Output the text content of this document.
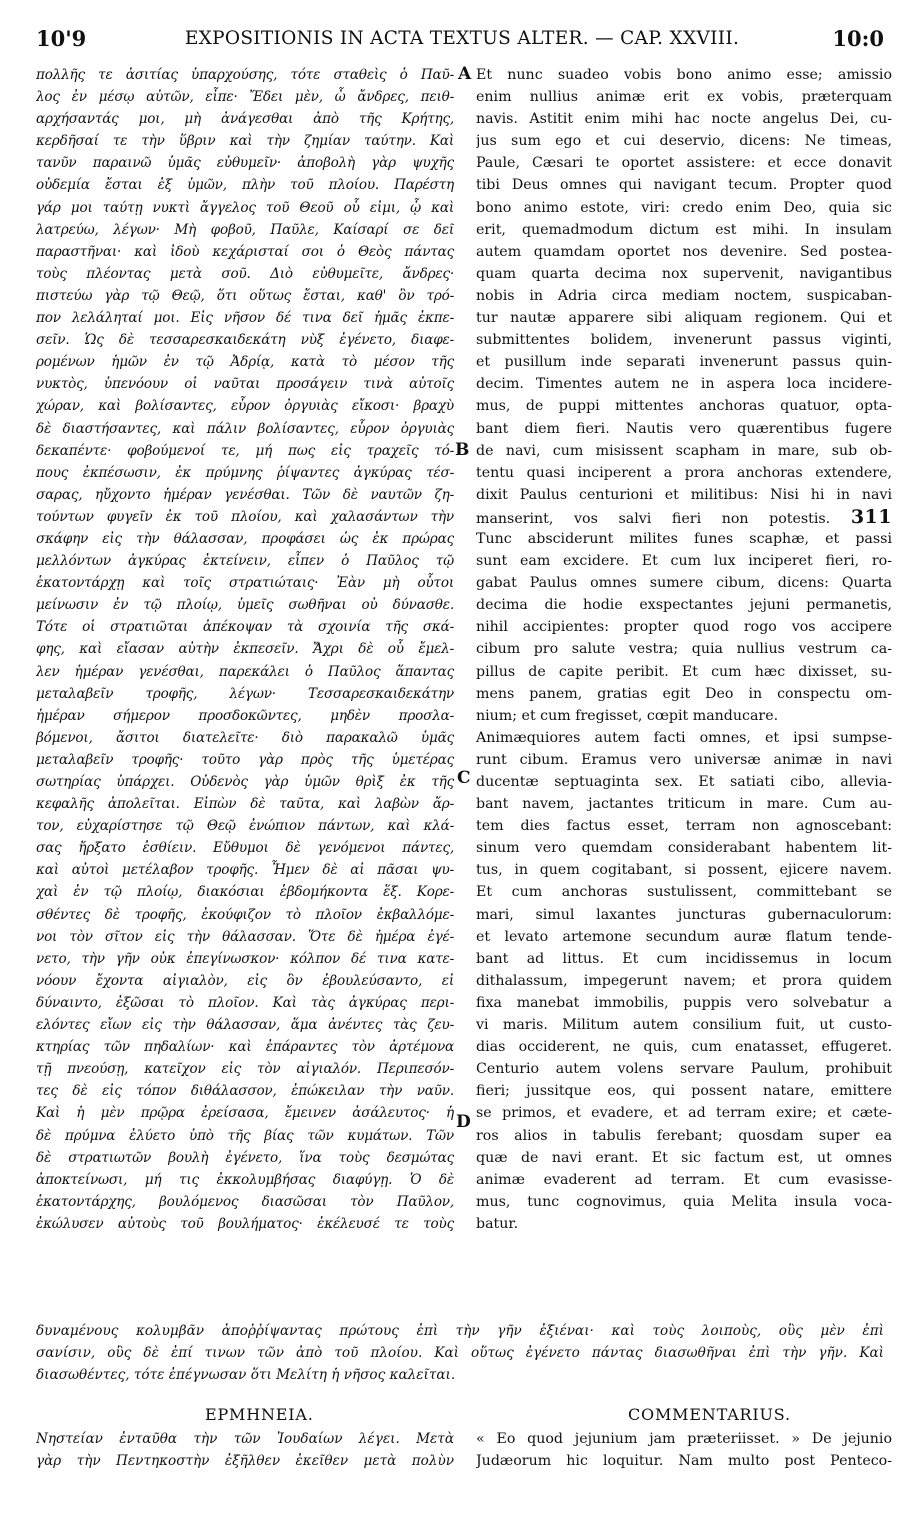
10'9	EXPOSITIONIS IN ACTA TEXTUS ALTER. — CAP. XXVIII.	10:0
πολλῆς τε ἀσιτίας ὑπαρχούσης, τότε σταθεὶς ὁ Παῦ-
λος ἐν μέσῳ αὐτῶν, εἶπε· Ἔδει μὲν, ὦ ἄνδρες, πειθ-
αρχήσαντάς μοι, μὴ ἀνάγεσθαι ἀπὸ τῆς Κρήτης,
κερδῆσαί τε τὴν ὕβριν καὶ τὴν ζημίαν ταύτην. Καὶ
τανῦν παραινῶ ὑμᾶς εὐθυμεῖν· ἀποβολὴ γὰρ ψυχῆς
οὐδεμία ἔσται ἐξ ὑμῶν, πλὴν τοῦ πλοίου. Παρέστη
γάρ μοι ταύτῃ νυκτὶ ἄγγελος τοῦ Θεοῦ οὗ εἰμι, ᾧ καὶ
λατρεύω, λέγων· Μὴ φοβοῦ, Παῦλε, Καίσαρί σε δεῖ
παραστῆναι· καὶ ἰδοὺ κεχάρισταί σοι ὁ Θεὸς πάντας
τοὺς πλέοντας μετὰ σοῦ. Διὸ εὐθυμεῖτε, ἄνδρες·
πιστεύω γὰρ τῷ Θεῷ, ὅτι οὕτως ἔσται, καθ' ὃν τρό-
πον λελάληταί μοι. Εἰς νῆσον δέ τινα δεῖ ἡμᾶς ἐκπε-
σεῖν. Ὡς δὲ τεσσαρεσκαιδεκάτη νὺξ ἐγένετο, διαφε-
ρομένων ἡμῶν ἐν τῷ Ἀδρίᾳ, κατὰ τὸ μέσον τῆς
νυκτὸς, ὑπενόουν οἱ ναῦται προσάγειν τινὰ αὐτοῖς
χώραν, καὶ βολίσαντες, εὗρον ὀργυιὰς εἴκοσι· βραχὺ
δὲ διαστήσαντες, καὶ πάλιν βολίσαντες, εὗρον ὀργυιὰς
δεκαπέντε· φοβούμενοί τε, μή πως εἰς τραχεῖς τό-
πους ἐκπέσωσιν, ἐκ πρύμνης ῥίψαντες ἀγκύρας τέσ-
σαρας, ηὔχοντο ἡμέραν γενέσθαι. Τῶν δὲ ναυτῶν ζη-
τούντων φυγεῖν ἐκ τοῦ πλοίου, καὶ χαλασάντων τὴν
σκάφην εἰς τὴν θάλασσαν, προφάσει ὡς ἐκ πρώρας
μελλόντων ἀγκύρας ἐκτείνειν, εἶπεν ὁ Παῦλος τῷ
ἑκατοντάρχῃ καὶ τοῖς στρατιώταις· Ἐὰν μὴ οὗτοι
μείνωσιν ἐν τῷ πλοίῳ, ὑμεῖς σωθῆναι οὐ δύνασθε.
Τότε οἱ στρατιῶται ἀπέκοψαν τὰ σχοινία τῆς σκά-
φης, καὶ εἴασαν αὐτὴν ἐκπεσεῖν. Ἄχρι δὲ οὗ ἔμελ-
λεν ἡμέραν γενέσθαι, παρεκάλει ὁ Παῦλος ἅπαντας
μεταλαβεῖν τροφῆς, λέγων· Τεσσαρεσκαιδεκάτην
ἡμέραν σήμερον προσδοκῶντες, μηδὲν προσλα-
βόμενοι, ἄσιτοι διατελεῖτε· διὸ παρακαλῶ ὑμᾶς
μεταλαβεῖν τροφῆς· τοῦτο γὰρ πρὸς τῆς ὑμετέρας
σωτηρίας ὑπάρχει. Οὐδενὸς γὰρ ὑμῶν θρὶξ ἐκ τῆς
κεφαλῆς ἀπολεῖται. Εἰπὼν δὲ ταῦτα, καὶ λαβὼν ἄρ-
τον, εὐχαρίστησε τῷ Θεῷ ἐνώπιον πάντων, καὶ κλά-
σας ἤρξατο ἐσθίειν. Εὔθυμοι δὲ γενόμενοι πάντες,
καὶ αὐτοὶ μετέλαβον τροφῆς. Ἦμεν δὲ αἱ πᾶσαι ψυ-
χαὶ ἐν τῷ πλοίῳ, διακόσιαι ἑβδομήκοντα ἕξ. Κορε-
σθέντες δὲ τροφῆς, ἐκούφιζον τὸ πλοῖον ἐκβαλλόμε-
νοι τὸν σῖτον εἰς τὴν θάλασσαν. Ὅτε δὲ ἡμέρα ἐγέ-
νετο, τὴν γῆν οὐκ ἐπεγίνωσκον· κόλπον δέ τινα κατε-
νόουν ἔχοντα αἰγιαλὸν, εἰς ὃν ἐβουλεύσαντο, εἰ
δύναιντο, ἐξῶσαι τὸ πλοῖον. Καὶ τὰς ἀγκύρας περι-
ελόντες εἴων εἰς τὴν θάλασσαν, ἅμα ἀνέντες τὰς ζευ-
κτηρίας τῶν πηδαλίων· καὶ ἐπάραντες τὸν ἀρτέμονα
τῇ πνεούσῃ, κατεῖχον εἰς τὸν αἰγιαλόν. Περιπεσόν-
τες δὲ εἰς τόπον διθάλασσον, ἐπώκειλαν τὴν ναῦν.
Καὶ ἡ μὲν πρῷρα ἐρείσασα, ἔμεινεν ἀσάλευτος· ἡ
δὲ πρύμνα ἐλύετο ὑπὸ τῆς βίας τῶν κυμάτων. Τῶν
δὲ στρατιωτῶν βουλὴ ἐγένετο, ἵνα τοὺς δεσμώτας
ἀποκτείνωσι, μή τις ἐκκολυμβήσας διαφύγῃ. Ὁ δὲ
ἑκατοντάρχης, βουλόμενος διασῶσαι τὸν Παῦλον,
ἐκώλυσεν αὐτοὺς τοῦ βουλήματος· ἐκέλευσέ τε τοὺς
Et nunc suadeo vobis bono animo esse; amissio
enim nullius animæ erit ex vobis, præterquam
navis. Astitit enim mihi hac nocte angelus Dei, cu-
jus sum ego et cui deservio, dicens: Ne timeas,
Paule, Cæsari te oportet assistere: et ecce donavit
tibi Deus omnes qui navigant tecum. Propter quod
bono animo estote, viri: credo enim Deo, quia sic
erit, quemadmodum dictum est mihi. In insulam
autem quamdam oportet nos devenire. Sed postea-
quam quarta decima nox supervenit, navigantibus
nobis in Adria circa mediam noctem, suspicaban-
tur nautæ apparere sibi aliquam regionem. Qui et
submittentes bolidem, invenerunt passus viginti,
et pusillum inde separati invenerunt passus quin-
decim. Timentes autem ne in aspera loca incidere-
mus, de puppi mittentes anchoras quatuor, opta-
bant diem fieri. Nautis vero quærentibus fugere
de navi, cum misissent scapham in mare, sub ob-
tentu quasi inciperent a prora anchoras extendere,
dixit Paulus centurioni et militibus: Nisi hi in navi
manserint, vos salvi fieri non potestis. 311
Tunc absciderunt milites funes scaphæ, et passi
sunt eam excidere. Et cum lux inciperet fieri, ro-
gabat Paulus omnes sumere cibum, dicens: Quarta
decima die hodie exspectantes jejuni permanetis,
nihil accipientes: propter quod rogo vos accipere
cibum pro salute vestra; quia nullius vestrum ca-
pillus de capite peribit. Et cum hæc dixisset, su-
mens panem, gratias egit Deo in conspectu om-
nium; et cum fregisset, cœpit manducare.
Animæquiores autem facti omnes, et ipsi sumpse-
runt cibum. Eramus vero universæ animæ in navi
ducentæ septuaginta sex. Et satiati cibo, allevia-
bant navem, jactantes triticum in mare. Cum au-
tem dies factus esset, terram non agnoscebant:
sinum vero quemdam considerabant habentem lit-
tus, in quem cogitabant, si possent, ejicere navem.
Et cum anchoras sustulissent, committebant se
mari, simul laxantes juncturas gubernaculorum:
et levato artemone secundum auræ flatum tende-
bant ad littus. Et cum incidissemus in locum
dithalassum, impegerunt navem; et prora quidem
fixa manebat immobilis, puppis vero solvebatur a
vi maris. Militum autem consilium fuit, ut custo-
dias occiderent, ne quis, cum enatasset, effugeret.
Centurio autem volens servare Paulum, prohibuit
fieri; jussitque eos, qui possent natare, emittere
se primos, et evadere, et ad terram exire; et cæte-
ros alios in tabulis ferebant; quosdam super ea
quæ de navi erant. Et sic factum est, ut omnes
animæ evaderent ad terram. Et cum evasisse-
mus, tunc cognovimus, quia Melita insula voca-
batur.
A
B
C
D
δυναμένους κολυμβᾶν ἀποῤῥίψαντας πρώτους ἐπὶ τὴν γῆν ἐξιέναι· καὶ τοὺς λοιποὺς, οὓς μὲν ἐπὶ
σανίσιν, οὓς δὲ ἐπί τινων τῶν ἀπὸ τοῦ πλοίου. Καὶ οὕτως ἐγένετο πάντας διασωθῆναι ἐπὶ τὴν γῆν. Καὶ
διασωθέντες, τότε ἐπέγνωσαν ὅτι Μελίτη ἡ νῆσος καλεῖται.
ΕΡΜΗΝΕΙΑ.	COMMENTARIUS.
Νηστείαν ἐνταῦθα τὴν τῶν Ἰουδαίων λέγει. Μετὰ
γὰρ τὴν Πεντηκοστὴν ἐξῆλθεν ἐκεῖθεν μετὰ πολὺν
« Eo quod jejunium jam præteriisset. » De jejunio
Judæorum hic loquitur. Nam multo post Penteco-
